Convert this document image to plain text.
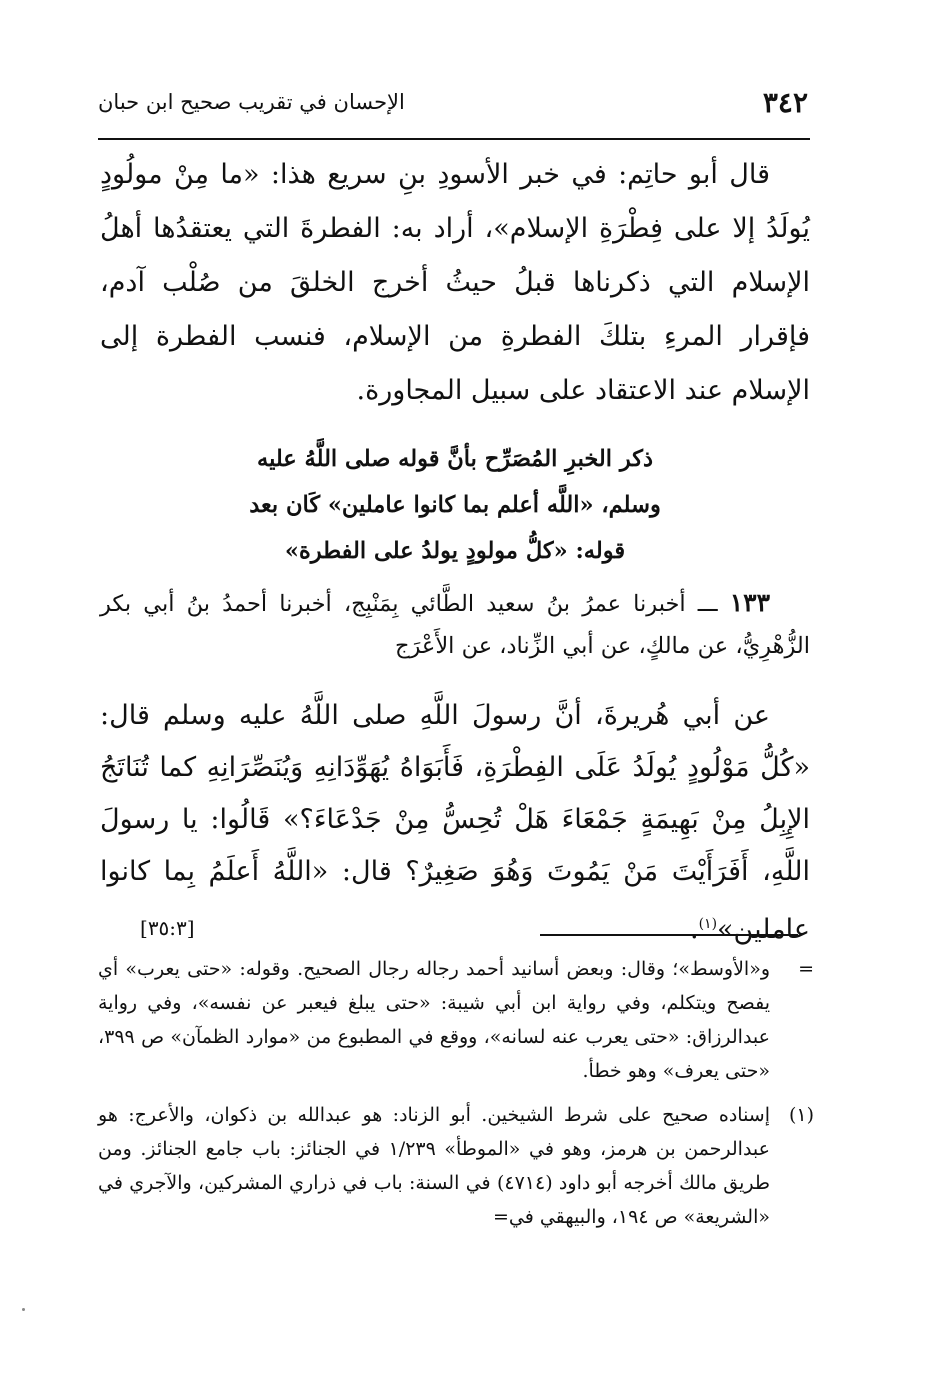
٣٤٢
الإحسان في تقريب صحيح ابن حبان

قال أبو حاتِم: في خبر الأسودِ بنِ سريع هذا: «ما مِنْ مولُودٍ يُولَدُ إلا على فِطْرَةِ الإسلام»، أراد به: الفطرةَ التي يعتقدُها أهلُ الإسلام التي ذكرناها قبلُ حيثُ أخرج الخلقَ من صُلْب آدم، فإقرار المرءِ بتلكَ الفطرةِ من الإسلام، فنسب الفطرة إلى الإسلام عند الاعتقاد على سبيل المجاورة.

ذكر الخبرِ المُصَرِّح بأنَّ قوله صلى اللَّهُ عليه
وسلم، «اللَّه أعلم بما كانوا عاملين» كَان بعد
قوله: «كلُّ مولودٍ يولدُ على الفطرة»

١٣٣ ـــ أخبرنا عمرُ بنُ سعيد الطَّائي بِمَنْبِج، أخبرنا أحمدُ بنُ أبي بكر الزُّهْرِيُّ، عن مالكٍ، عن أبي الزِّناد، عن الأَعْرَج

عن أبي هُريرةَ، أنَّ رسولَ اللَّهِ صلى اللَّهُ عليه وسلم قال: «كُلُّ مَوْلُودٍ يُولَدُ عَلَى الفِطْرَةِ، فَأَبَوَاهُ يُهَوِّدَانِهِ وَيُنَصِّرَانِهِ كما تُنَاتَجُ الإِبِلُ مِنْ بَهِيمَةٍ جَمْعَاءَ هَلْ تُحِسُّ مِنْ جَدْعَاءَ؟» قَالُوا: يا رسولَ اللَّهِ، أَفَرَأَيْتَ مَنْ يَمُوتَ وَهُوَ صَغِيرٌ؟ قال: «اللَّهُ أَعلَمُ بِما كانوا عاملين»$^{(١)}$.
[٣٥:٣]

=
و«الأوسط»؛ وقال: وبعض أسانيد أحمد رجاله رجال الصحيح. وقوله: «حتى يعرب» أي يفصح ويتكلم، وفي رواية ابن أبي شيبة: «حتى يبلغ فيعبر عن نفسه»، وفي رواية عبدالرزاق: «حتى يعرب عنه لسانه»، ووقع في المطبوع من «موارد الظمآن» ص ٣٩٩، «حتى يعرف» وهو خطأ.

(١)
إسناده صحيح على شرط الشيخين. أبو الزناد: هو عبدالله بن ذكوان، والأعرج: هو عبدالرحمن بن هرمز، وهو في «الموطأ» ١/٢٣٩ في الجنائز: باب جامع الجنائز. ومن طريق مالك أخرجه أبو داود (٤٧١٤) في السنة: باب في ذراري المشركين، والآجري في «الشريعة» ص ١٩٤، والبيهقي في=
